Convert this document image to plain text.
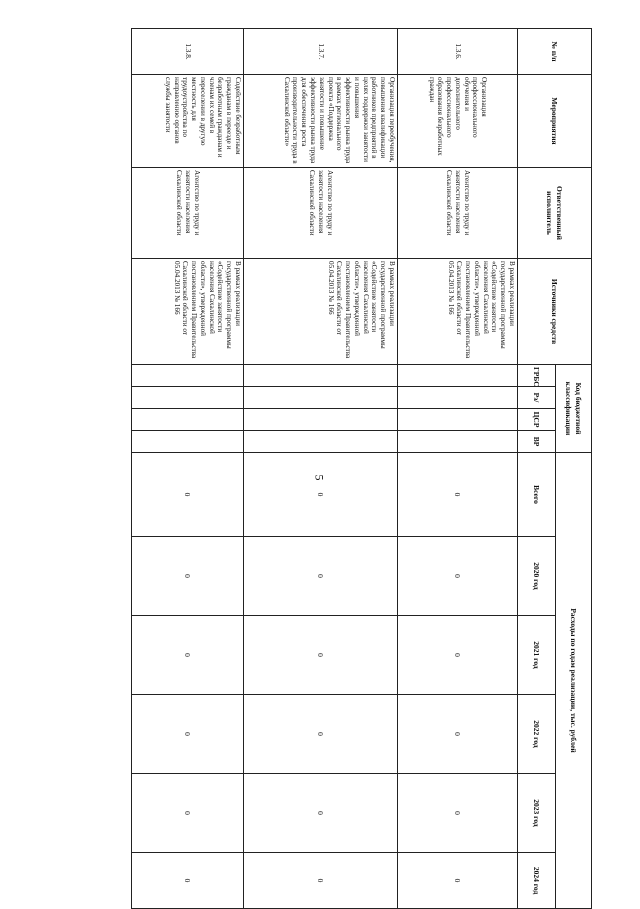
5
№ п/п	Мероприятия	Ответственный исполнитель	Источники средств	Код бюджетной классификации				Расходы по годам реализации, тыс. рублей					
				ГРБС	Рз/	ЦСР	ВР	Всего	2020 год	2021 год	2022 год	2023 год	2024 год
1.3.6.	Организация профессионального обучения и дополнительного профессионального образования безработных граждан	Агентство по труду и занятости населения Сахалинской области	В рамках реализации государственной программы «Содействие занятости населения Сахалинской области», утвержденной постановлением Правительства Сахалинской области от 05.04.2013 № 166					0	0	0	0	0	0
1.3.7.	Организация переобучения, повышения квалификации работников предприятий в целях поддержки занятости и повышения эффективности рынка труда в рамках регионального проекта «Поддержка занятости и повышение эффективности рынка труда для обеспечения роста производительности труда в Сахалинской области»	Агентство по труду и занятости населения Сахалинской области	В рамках реализации государственной программы «Содействие занятости населения Сахалинской области», утвержденной постановлением Правительства Сахалинской области от 05.04.2013 № 166					0	0	0	0	0	0
1.3.8.	Содействие безработным гражданам в переезде и безработным гражданам и членам их семей в переселении в другую местность для трудоустройства по направлению органов службы занятости	Агентство по труду и занятости населения Сахалинской области	В рамках реализации государственной программы «Содействие занятости населения Сахалинской области», утвержденной постановлением Правительства Сахалинской области от 05.04.2013 № 166					0	0	0	0	0	0
